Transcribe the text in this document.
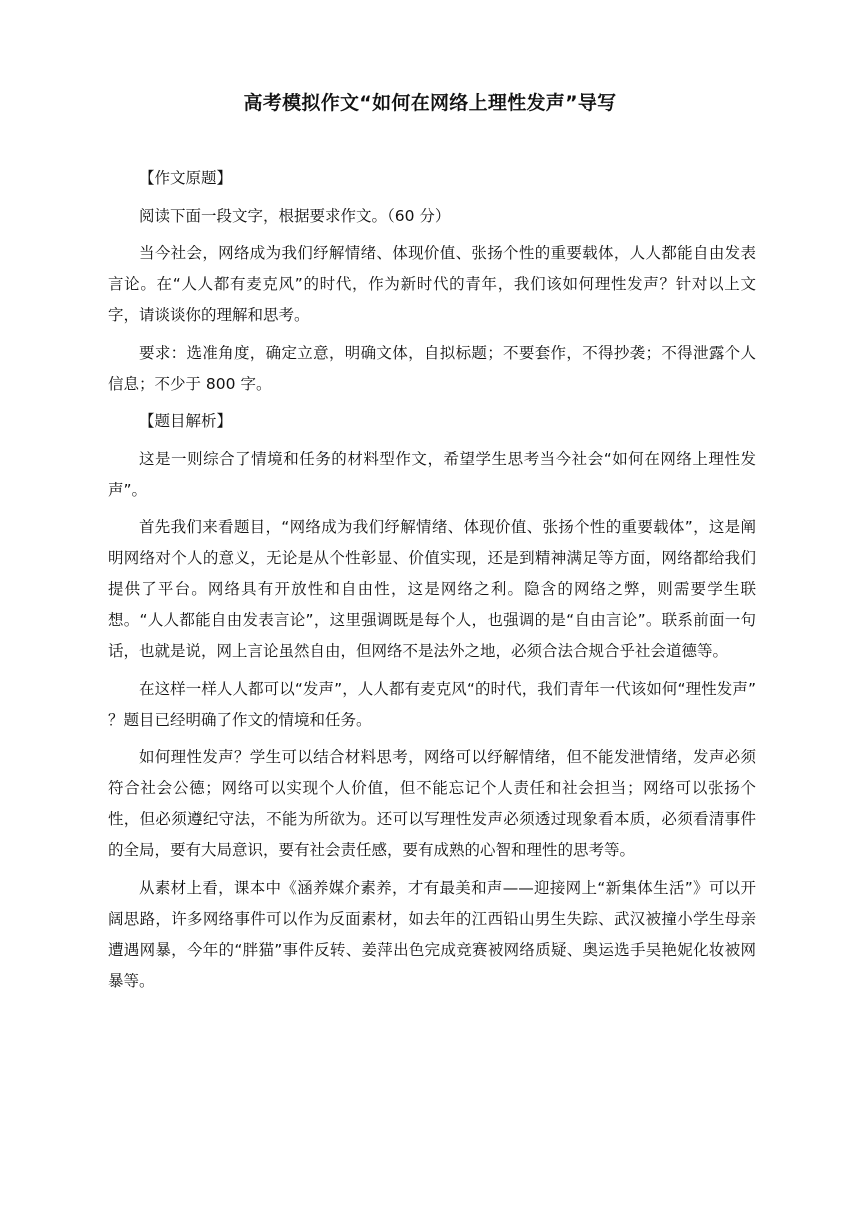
高考模拟作文“如何在网络上理性发声”导写

【作文原题】

阅读下面一段文字，根据要求作文。（60 分）

当今社会，网络成为我们纾解情绪、体现价值、张扬个性的重要载体，人人都能自由发表言论。在“人人都有麦克风”的时代，作为新时代的青年，我们该如何理性发声？针对以上文字，请谈谈你的理解和思考。

要求：选准角度，确定立意，明确文体，自拟标题；不要套作，不得抄袭；不得泄露个人 信息；不少于 800 字。

【题目解析】

这是一则综合了情境和任务的材料型作文，希望学生思考当今社会“如何在网络上理性发声”。

首先我们来看题目，“网络成为我们纾解情绪、体现价值、张扬个性的重要载体”，这是阐明网络对个人的意义，无论是从个性彰显、价值实现，还是到精神满足等方面，网络都给我们提供了平台。网络具有开放性和自由性，这是网络之利。隐含的网络之弊，则需要学生联想。“人人都能自由发表言论”，这里强调既是每个人，也强调的是“自由言论”。联系前面一句话，也就是说，网上言论虽然自由，但网络不是法外之地，必须合法合规合乎社会道德等。

在这样一样人人都可以“发声”，人人都有麦克风“的时代，我们青年一代该如何“理性发声” ？题目已经明确了作文的情境和任务。

如何理性发声？学生可以结合材料思考，网络可以纾解情绪，但不能发泄情绪，发声必须符合社会公德；网络可以实现个人价值，但不能忘记个人责任和社会担当；网络可以张扬个性，但必须遵纪守法，不能为所欲为。还可以写理性发声必须透过现象看本质，必须看清事件的全局，要有大局意识，要有社会责任感，要有成熟的心智和理性的思考等。

从素材上看，课本中《涵养媒介素养，才有最美和声——迎接网上“新集体生活”》可以开阔思路，许多网络事件可以作为反面素材，如去年的江西铅山男生失踪、武汉被撞小学生母亲遭遇网暴，今年的“胖猫”事件反转、姜萍出色完成竞赛被网络质疑、奥运选手吴艳妮化妆被网暴等。
